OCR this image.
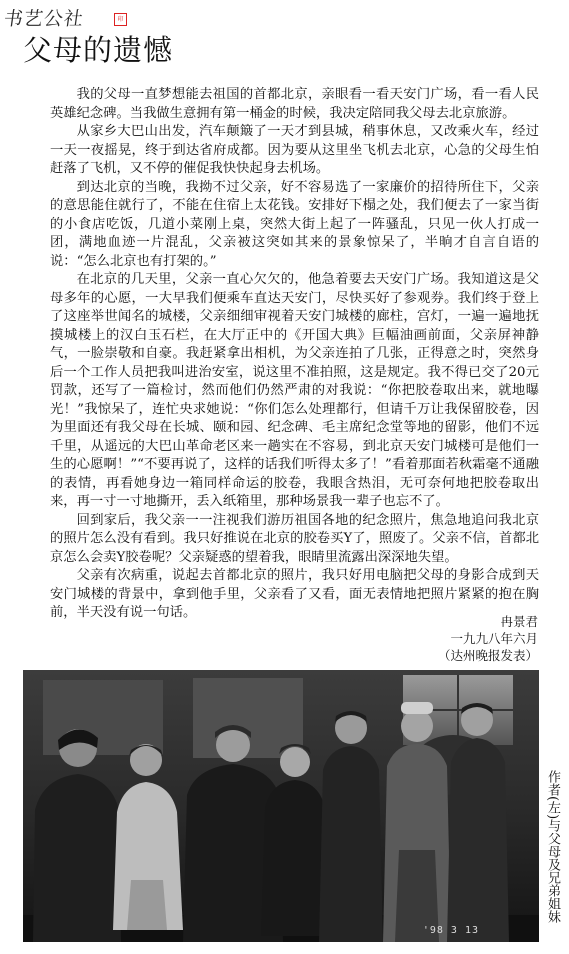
书艺公社	印
父母的遗憾

我的父母一直梦想能去祖国的首都北京，亲眼看一看天安门广场，看一看人民英雄纪念碑。当我做生意拥有第一桶金的时候，我决定陪同我父母去北京旅游。

从家乡大巴山出发，汽车颠簸了一天才到县城，稍事休息，又改乘火车，经过一天一夜摇晃，终于到达省府成都。因为要从这里坐飞机去北京，心急的父母生怕赶落了飞机，又不停的催促我快快起身去机场。

到达北京的当晚，我拗不过父亲，好不容易选了一家廉价的招待所住下，父亲的意思能住就行了，不能在住宿上太花钱。安排好下榻之处，我们便去了一家当街的小食店吃饭，几道小菜刚上桌，突然大街上起了一阵骚乱，只见一伙人打成一团，满地血迹一片混乱，父亲被这突如其来的景象惊呆了，半晌才自言自语的说：“怎么北京也有打架的。”

在北京的几天里，父亲一直心欠欠的，他急着要去天安门广场。我知道这是父母多年的心愿，一大早我们便乘车直达天安门，尽快买好了参观券。我们终于登上了这座举世闻名的城楼，父亲细细审视着天安门城楼的廊柱，宫灯，一遍一遍地抚摸城楼上的汉白玉石栏，在大厅正中的《开国大典》巨幅油画前面，父亲屏神静气，一脸崇敬和自豪。我赶紧拿出相机，为父亲连拍了几张，正得意之时，突然身后一个工作人员把我叫进治安室，说这里不准拍照，这是规定。我不得已交了20元罚款，还写了一篇检讨，然而他们仍然严肃的对我说：“你把胶卷取出来，就地曝光！”我惊呆了，连忙央求她说：“你们怎么处理都行，但请千万让我保留胶卷，因为里面还有我父母在长城、颐和园、纪念碑、毛主席纪念堂等地的留影，他们不远千里，从遥远的大巴山革命老区来一趟实在不容易，到北京天安门城楼可是他们一生的心愿啊！”“不要再说了，这样的话我们听得太多了！”看着那面若秋霜毫不通融的表情，再看她身边一箱同样命运的胶卷，我眼含热泪，无可奈何地把胶卷取出来，再一寸一寸地撕开，丢入纸箱里，那种场景我一辈子也忘不了。

回到家后，我父亲一一注视我们游历祖国各地的纪念照片，焦急地追问我北京的照片怎么没有看到。我只好推说在北京的胶卷买Y了，照废了。父亲不信，首都北京怎么会卖Y胶卷呢？父亲疑惑的望着我，眼睛里流露出深深地失望。

父亲有次病重，说起去首都北京的照片，我只好用电脑把父母的身影合成到天安门城楼的背景中，拿到他手里，父亲看了又看，面无表情地把照片紧紧的抱在胸前，半天没有说一句话。

冉景君
一九九八年六月
（达州晚报发表）
'98 3 13
作者(左)与父母及兄弟姐妹
